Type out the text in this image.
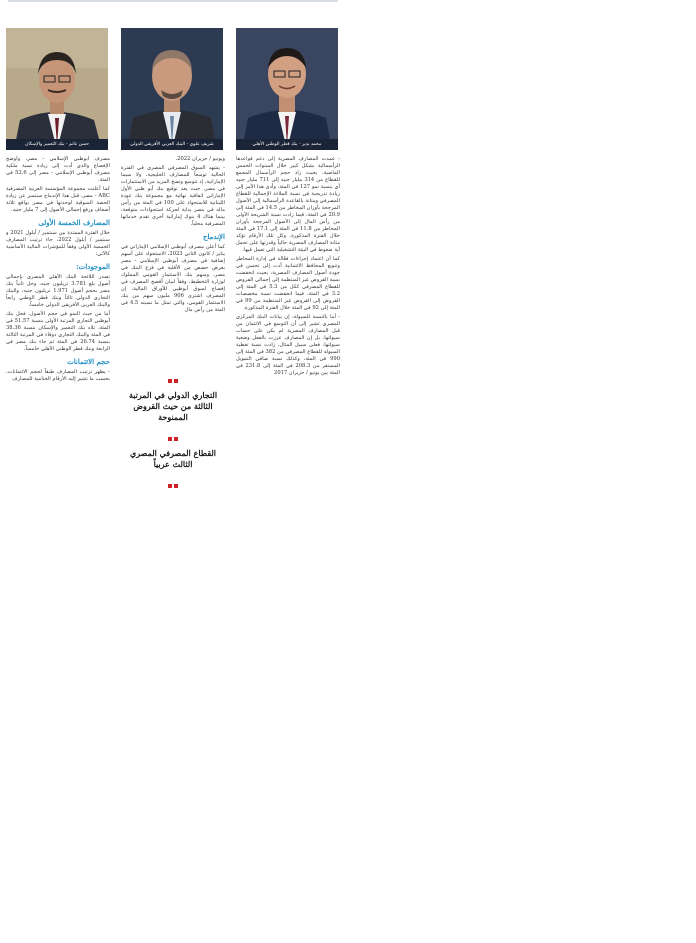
حسن غانم - بنك التعمير والإسكان	شريف علوي - البنك العربي الأفريقي الدولي	محمد بدير - بنك قطر الوطني الأهلي

- عمدت المصارف المصرية إلى دعم قواعدها الرأسمالية بشكل كبير خلال السنوات الخمس الماضية، بحيث زاد حجم الرأسمال المجمع للقطاع من 314 مليار جنيه إلى 711 مليار جنيه أي بنسبة نمو 127 في المئة، وأدى هذا الأمر إلى زيادة تدريجية في نسبة الملاءة الإجمالية للقطاع المصرفي ومتانة بالقاعدة الرأسمالية إلى الأصول المرجحة بأوزان المخاطر من 14.5 في المئة إلى 20.9 في المئة، فيما زادت نسبة الشريحة الأولى من رأس المال إلى الأصول المرجحة بأوزان المخاطر من 11.8 في المئة إلى 17.1 في المئة خلال الفترة المذكورة. وكل تلك الأرقام تؤكد متانة المصارف المصرية حالياً وقدرتها على تحمل أية ضغوط في البيئة التشغيلية التي تعمل فيها.

كما أن اعتماد إجراءات فعّالة في إدارة المخاطر وتنويع المحافظ الائتمانية أدت إلى تحسن في جودة أصول المصارف المصرية، بحيث انخفضت نسبة القروض غير المنتظمة إلى إجمالي القروض للقطاع المصرفي ككل من 5.3 في المئة إلى 3.2 في المئة، فيما انخفضت نسبة مخصصات القروض إلى القروض غير المنتظمة من 99 في المئة إلى 92 في المئة خلال الفترة المذكورة.

- أما بالنسبة للسيولة، إن بيانات البنك المركزي المصري تشير إلى أن التوسع في الائتمان من قبل المصارف المصرية لم يكن على حساب سيولتها، بل إن المصارف عززت بالفعل وضعية سيولتها. فعلى سبيل المثال، زادت نسبة تغطية السيولة للقطاع المصرفي من 382 في المئة إلى 990 في المئة، وكذلك نسبة صافي التمويل المستقر من 208.3 في المئة إلى 231.8 في المئة بين يونيو / حزيران 2017

ويونيو / حزيران 2022.

- يشهد السوق المصرفي المصري في الفترة الحالية توسعاً للمصارف الخليجية، ولا سيما الإماراتية، إذ تتوسع وتضخ المزيد من الاستثمارات في مصر، حيث يعد توقيع بنك أبو ظبي الأول الإماراتي اتفاقية نهائية مع مجموعة بنك عودة اللبنانية للاستحواذ على 100 في المئة من رأس ماله في مصر بداية لحركة استحواذات متوقعة، بينما هناك 4 بنوك إماراتية أخرى تقدم خدماتها المصرفية محلياً.

الإندماج

كما أعلن مصرف أبوظبي الإسلامي الإماراتي في يناير / كانون الثاني 2023، الاستحواذ على أسهم إضافية في مصرف أبوظبي الإسلامي - مصر بغرض حصص من الأقلية في فرع البنك في مصر، ومنهم بنك الاستثمار القومي المملوك لوزارة التخطيط، وفقاً لبيان أفصح المصرف في إفصاح لسوق أبوظبي للأوراق المالية، إن المصرف اشترى 906 مليون سهم من بنك الاستثمار القومي، والتي تمثل ما نسبته 4.5 في المئة من رأس مال

التجاري الدولي في المرتبة الثالثة من حيث القروض الممنوحة
القطاع المصرفي المصري الثالث عربياً

مصرف أبوظبي الإسلامي - مصر، وأوضح الإفصاح والذي أدت إلى زيادة نسبة ملكية مصرف أبوظبي الإسلامي - مصر إلى 52.6 في المئة.

كما أعلنت مجموعة المؤسسة العربية المصرفية ABC - مصر، قبل هذا الإندماج سبتمبر عن زيادة الحصة السوقية لوحدتها في مصر بواقع ثلاثة أضعاف ورفع إجمالي الأصول إلى 7 مليار جنيه.

المصارف الخمسة الأولى

خلال الفترة الممتدة بين سبتمبر / أيلول 2021 و سبتمبر / أيلول 2022، جاء ترتيب المصارف الخمسة الأولى وفقاً للمؤشرات المالية الأساسية كالآتي:

الموجودات:

تصدر اللائحة البنك الأهلي المصري بإجمالي أصول بلغ 3.781 تريليون جنيه، وحل ثانياً بنك مصر بحجم أصول 1.971 تريليون جنيه، والبنك التجاري الدولي ثالثاً وبنك قطر الوطني رابعاً والبنك العربي الأفريقي الدولي خامساً.

أما من حيث النمو في حجم الأصول، فحل بنك أبوظبي التجاري المرتبة الأولى بنسبة 51.57 في المئة، تلاه بنك التعمير والإسكان بنسبة 38.36 في المئة والبنك التجاري دوفاء في المرتبة الثالثة بنسبة 26.74 في المئة ثم جاء بنك مصر في الرابعة وبنك قطر الوطني الأهلي خامساً.

حجم الائتمانات

- يظهر ترتيب المصارف طبقاً لحجم الائتمانات، بحسب ما تشير إليه الأرقام الختامية للمصارف
